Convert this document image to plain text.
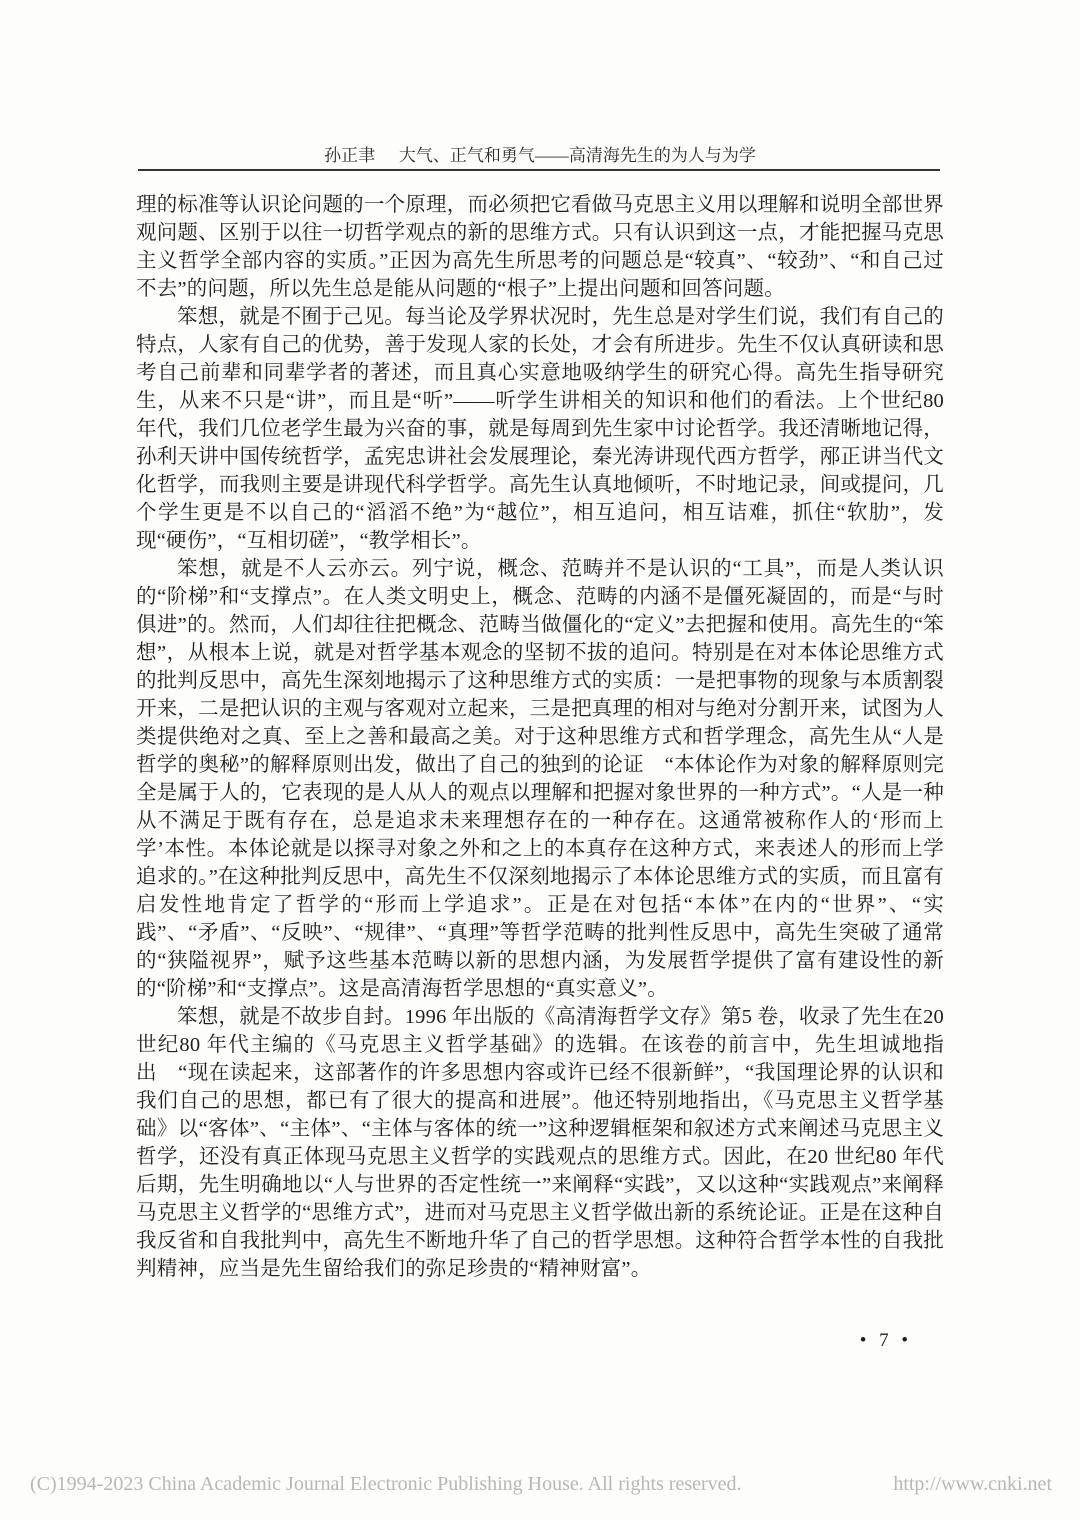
孙正聿 大气、正气和勇气——高清海先生的为人与为学

理的标准等认识论问题的一个原理，而必须把它看做马克思主义用以理解和说明全部世界观问题、区别于以往一切哲学观点的新的思维方式。只有认识到这一点，才能把握马克思主义哲学全部内容的实质。”正因为高先生所思考的问题总是“较真”、“较劲”、“和自己过不去”的问题，所以先生总是能从问题的“根子”上提出问题和回答问题。

笨想，就是不囿于己见。每当论及学界状况时，先生总是对学生们说，我们有自己的特点，人家有自己的优势，善于发现人家的长处，才会有所进步。先生不仅认真研读和思考自己前辈和同辈学者的著述，而且真心实意地吸纳学生的研究心得。高先生指导研究生，从来不只是“讲”，而且是“听”——听学生讲相关的知识和他们的看法。上个世纪80 年代，我们几位老学生最为兴奋的事，就是每周到先生家中讨论哲学。我还清晰地记得，孙利天讲中国传统哲学，孟宪忠讲社会发展理论，秦光涛讲现代西方哲学，邴正讲当代文化哲学，而我则主要是讲现代科学哲学。高先生认真地倾听，不时地记录，间或提问，几个学生更是不以自己的“滔滔不绝”为“越位”，相互追问，相互诘难，抓住“软肋”，发现“硬伤”，“互相切磋”，“教学相长”。

笨想，就是不人云亦云。列宁说，概念、范畴并不是认识的“工具”，而是人类认识的“阶梯”和“支撑点”。在人类文明史上，概念、范畴的内涵不是僵死凝固的，而是“与时俱进”的。然而，人们却往往把概念、范畴当做僵化的“定义”去把握和使用。高先生的“笨想”，从根本上说，就是对哲学基本观念的坚韧不拔的追问。特别是在对本体论思维方式的批判反思中，高先生深刻地揭示了这种思维方式的实质：一是把事物的现象与本质割裂开来，二是把认识的主观与客观对立起来，三是把真理的相对与绝对分割开来，试图为人类提供绝对之真、至上之善和最高之美。对于这种思维方式和哲学理念，高先生从“人是哲学的奥秘”的解释原则出发，做出了自己的独到的论证　“本体论作为对象的解释原则完全是属于人的，它表现的是人从人的观点以理解和把握对象世界的一种方式”。“人是一种从不满足于既有存在，总是追求未来理想存在的一种存在。这通常被称作人的‘形而上学’本性。本体论就是以探寻对象之外和之上的本真存在这种方式，来表述人的形而上学追求的。”在这种批判反思中，高先生不仅深刻地揭示了本体论思维方式的实质，而且富有启发性地肯定了哲学的“形而上学追求”。正是在对包括“本体”在内的“世界”、“实践”、“矛盾”、“反映”、“规律”、“真理”等哲学范畴的批判性反思中，高先生突破了通常的“狭隘视界”，赋予这些基本范畴以新的思想内涵，为发展哲学提供了富有建设性的新的“阶梯”和“支撑点”。这是高清海哲学思想的“真实意义”。

笨想，就是不故步自封。1996 年出版的《高清海哲学文存》第5 卷，收录了先生在20 世纪80 年代主编的《马克思主义哲学基础》的选辑。在该卷的前言中，先生坦诚地指出　“现在读起来，这部著作的许多思想内容或许已经不很新鲜”，“我国理论界的认识和我们自己的思想，都已有了很大的提高和进展”。他还特别地指出，《马克思主义哲学基础》以“客体”、“主体”、“主体与客体的统一”这种逻辑框架和叙述方式来阐述马克思主义哲学，还没有真正体现马克思主义哲学的实践观点的思维方式。因此，在20 世纪80 年代后期，先生明确地以“人与世界的否定性统一”来阐释“实践”，又以这种“实践观点”来阐释马克思主义哲学的“思维方式”，进而对马克思主义哲学做出新的系统论证。正是在这种自我反省和自我批判中，高先生不断地升华了自己的哲学思想。这种符合哲学本性的自我批判精神，应当是先生留给我们的弥足珍贵的“精神财富”。

• 7 •
(C)1994-2023 China Academic Journal Electronic Publishing House. All rights reserved.	http://www.cnki.net
